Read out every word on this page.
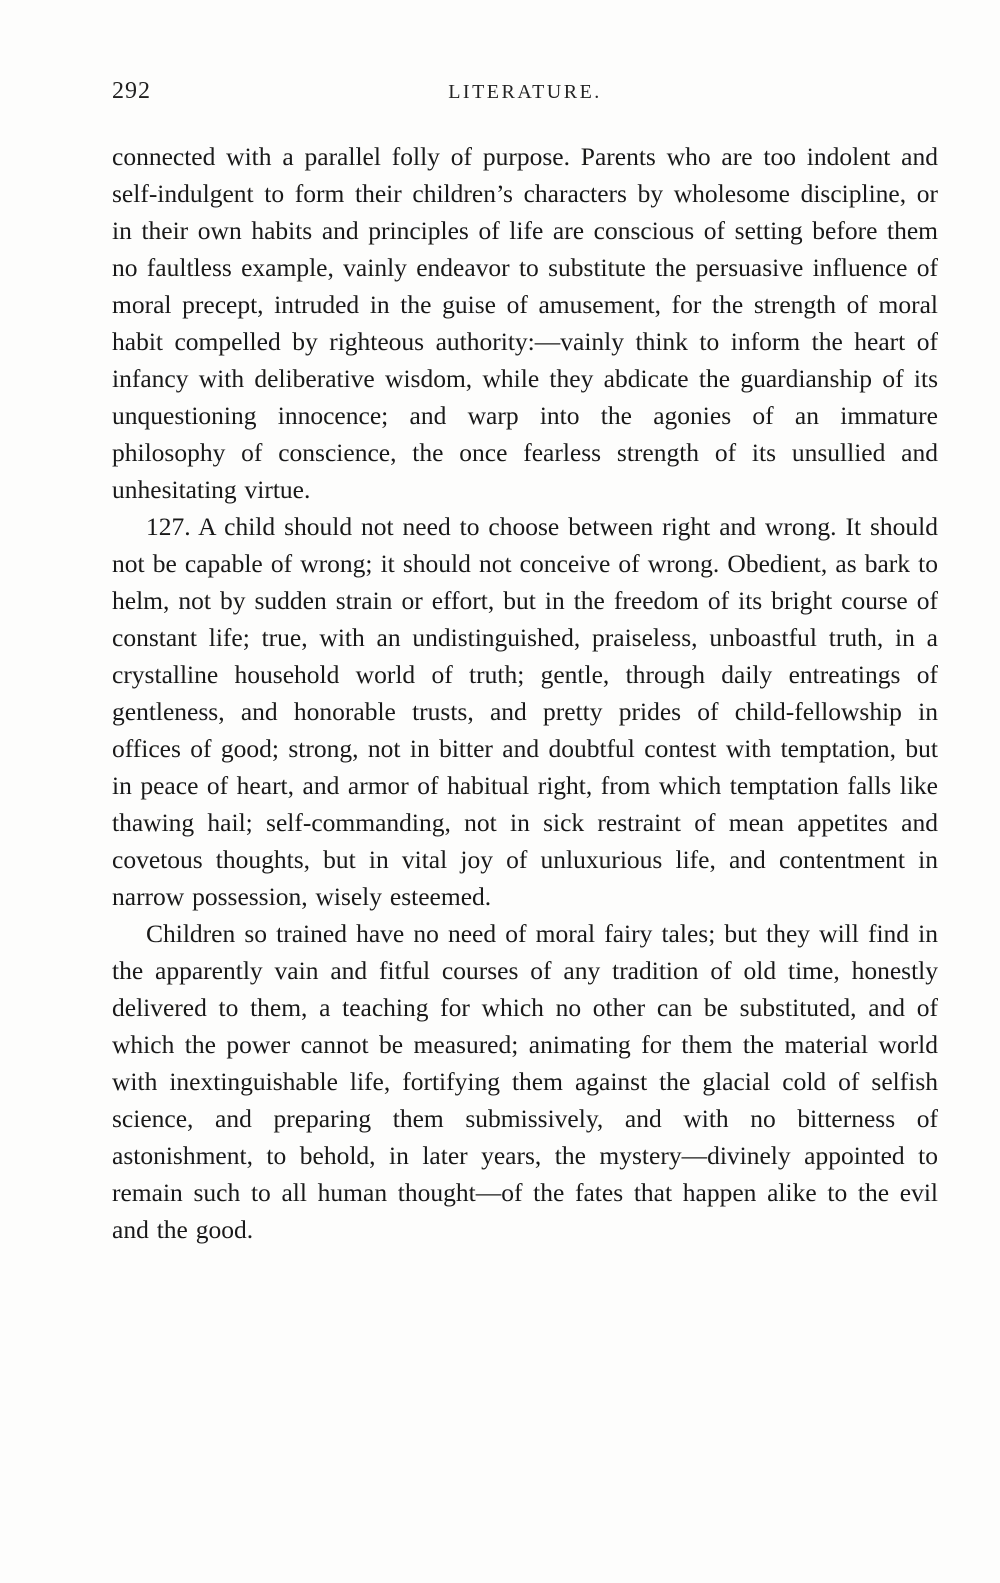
292	LITERATURE.

connected with a parallel folly of purpose. Parents who are too indolent and self-indulgent to form their children’s characters by wholesome discipline, or in their own habits and principles of life are conscious of setting before them no faultless example, vainly endeavor to substitute the persuasive influence of moral precept, intruded in the guise of amusement, for the strength of moral habit compelled by righteous authority:—vainly think to inform the heart of infancy with deliberative wisdom, while they abdicate the guardianship of its unquestioning innocence; and warp into the agonies of an immature philosophy of conscience, the once fearless strength of its unsullied and unhesitating virtue.

127. A child should not need to choose between right and wrong. It should not be capable of wrong; it should not conceive of wrong. Obedient, as bark to helm, not by sudden strain or effort, but in the freedom of its bright course of constant life; true, with an undistinguished, praiseless, unboastful truth, in a crystalline household world of truth; gentle, through daily entreatings of gentleness, and honorable trusts, and pretty prides of child-fellowship in offices of good; strong, not in bitter and doubtful contest with temptation, but in peace of heart, and armor of habitual right, from which temptation falls like thawing hail; self-commanding, not in sick restraint of mean appetites and covetous thoughts, but in vital joy of unluxurious life, and contentment in narrow possession, wisely esteemed.

Children so trained have no need of moral fairy tales; but they will find in the apparently vain and fitful courses of any tradition of old time, honestly delivered to them, a teaching for which no other can be substituted, and of which the power cannot be measured; animating for them the material world with inextinguishable life, fortifying them against the glacial cold of selfish science, and preparing them submissively, and with no bitterness of astonishment, to behold, in later years, the mystery—divinely appointed to remain such to all human thought—of the fates that happen alike to the evil and the good.
